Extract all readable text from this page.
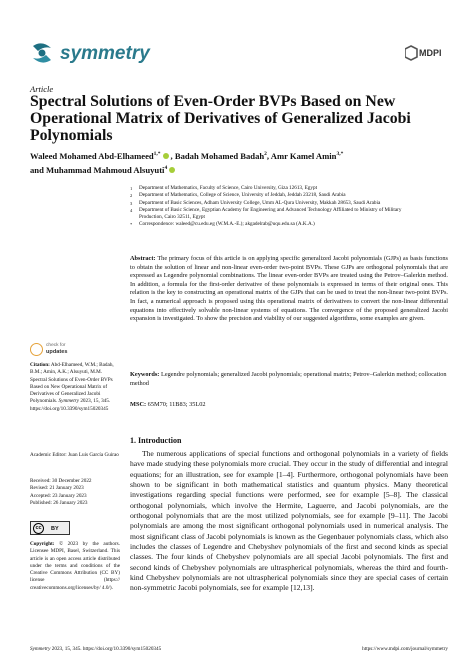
symmetry	MDPI
Article
Spectral Solutions of Even-Order BVPs Based on New Operational Matrix of Derivatives of Generalized Jacobi Polynomials
Waleed Mohamed Abd-Elhameed$^{1,*}$ , Badah Mohamed Badah$^2$, Amr Kamel Amin$^{3,*}$
and Muhammad Mahmoud Alsuyuti$^4$
1	Department of Mathematics, Faculty of Science, Cairo University, Giza 12613, Egypt
2	Department of Mathematics, College of Science, University of Jeddah, Jeddah 23218, Saudi Arabia
3	Department of Basic Sciences, Adham University College, Umm AL-Qura University, Makkah 28653, Saudi Arabia
4	Department of Basic Science, Egyptian Academy for Engineering and Advanced Technology Affiliated to Ministry of Military Production, Cairo 32511, Egypt
*	Correspondence: waleed@cu.edu.eg (W.M.A.-E.); akgadelrab@uqu.edu.sa (A.K.A.)
Abstract: The primary focus of this article is on applying specific generalized Jacobi polynomials (GJPs) as basis functions to obtain the solution of linear and non-linear even-order two-point BVPs. These GJPs are orthogonal polynomials that are expressed as Legendre polynomial combinations. The linear even-order BVPs are treated using the Petrov–Galerkin method. In addition, a formula for the first-order derivative of these polynomials is expressed in terms of their original ones. This relation is the key to constructing an operational matrix of the GJPs that can be used to treat the non-linear two-point BVPs. In fact, a numerical approach is proposed using this operational matrix of derivatives to convert the non-linear differential equations into effectively solvable non-linear systems of equations. The convergence of the proposed generalized Jacobi expansion is investigated. To show the precision and viability of our suggested algorithms, some examples are given.
Keywords: Legendre polynomials; generalized Jacobi polynomials; operational matrix; Petrov–Galerkin method; collocation method
MSC: 65M70; 11B83; 35L02
check for
updates
Citation: Abd-Elhameed, W.M.; Badah, B.M.; Amin, A.K.; Alsuyuti, M.M. Spectral Solutions of Even-Order BVPs Based on New Operational Matrix of Derivatives of Generalized Jacobi Polynomials. Symmetry 2023, 15, 345. https://doi.org/10.3390/sym15020345
Academic Editor: Juan Luis García Guirao
Received: 30 December 2022
Revised: 21 January 2023
Accepted: 23 January 2023
Published: 26 January 2023
cc	BY
Copyright: © 2023 by the authors. Licensee MDPI, Basel, Switzerland. This article is an open access article distributed under the terms and conditions of the Creative Commons Attribution (CC BY) license (https:// creativecommons.org/licenses/by/ 4.0/).
1. Introduction
The numerous applications of special functions and orthogonal polynomials in a variety of fields have made studying these polynomials more crucial. They occur in the study of differential and integral equations; for an illustration, see for example [1–4]. Furthermore, orthogonal polynomials have been shown to be significant in both mathematical statistics and quantum physics. Many theoretical investigations regarding special functions were performed, see for example [5–8]. The classical orthogonal polynomials, which involve the Hermite, Laguerre, and Jacobi polynomials, are the orthogonal polynomials that are the most utilized polynomials, see for example [9–11]. The Jacobi polynomials are among the most significant orthogonal polynomials used in numerical analysis. The most significant class of Jacobi polynomials is known as the Gegenbauer polynomials class, which also includes the classes of Legendre and Chebyshev polynomials of the first and second kinds as special classes. The four kinds of Chebyshev polynomials are all special Jacobi polynomials. The first and second kinds of Chebyshev polynomials are ultraspherical polynomials, whereas the third and fourth-kind Chebyshev polynomials are not ultraspherical polynomials since they are special cases of certain non-symmetric Jacobi polynomials, see for example [12,13].
Symmetry 2023, 15, 345. https://doi.org/10.3390/sym15020345	https://www.mdpi.com/journal/symmetry
